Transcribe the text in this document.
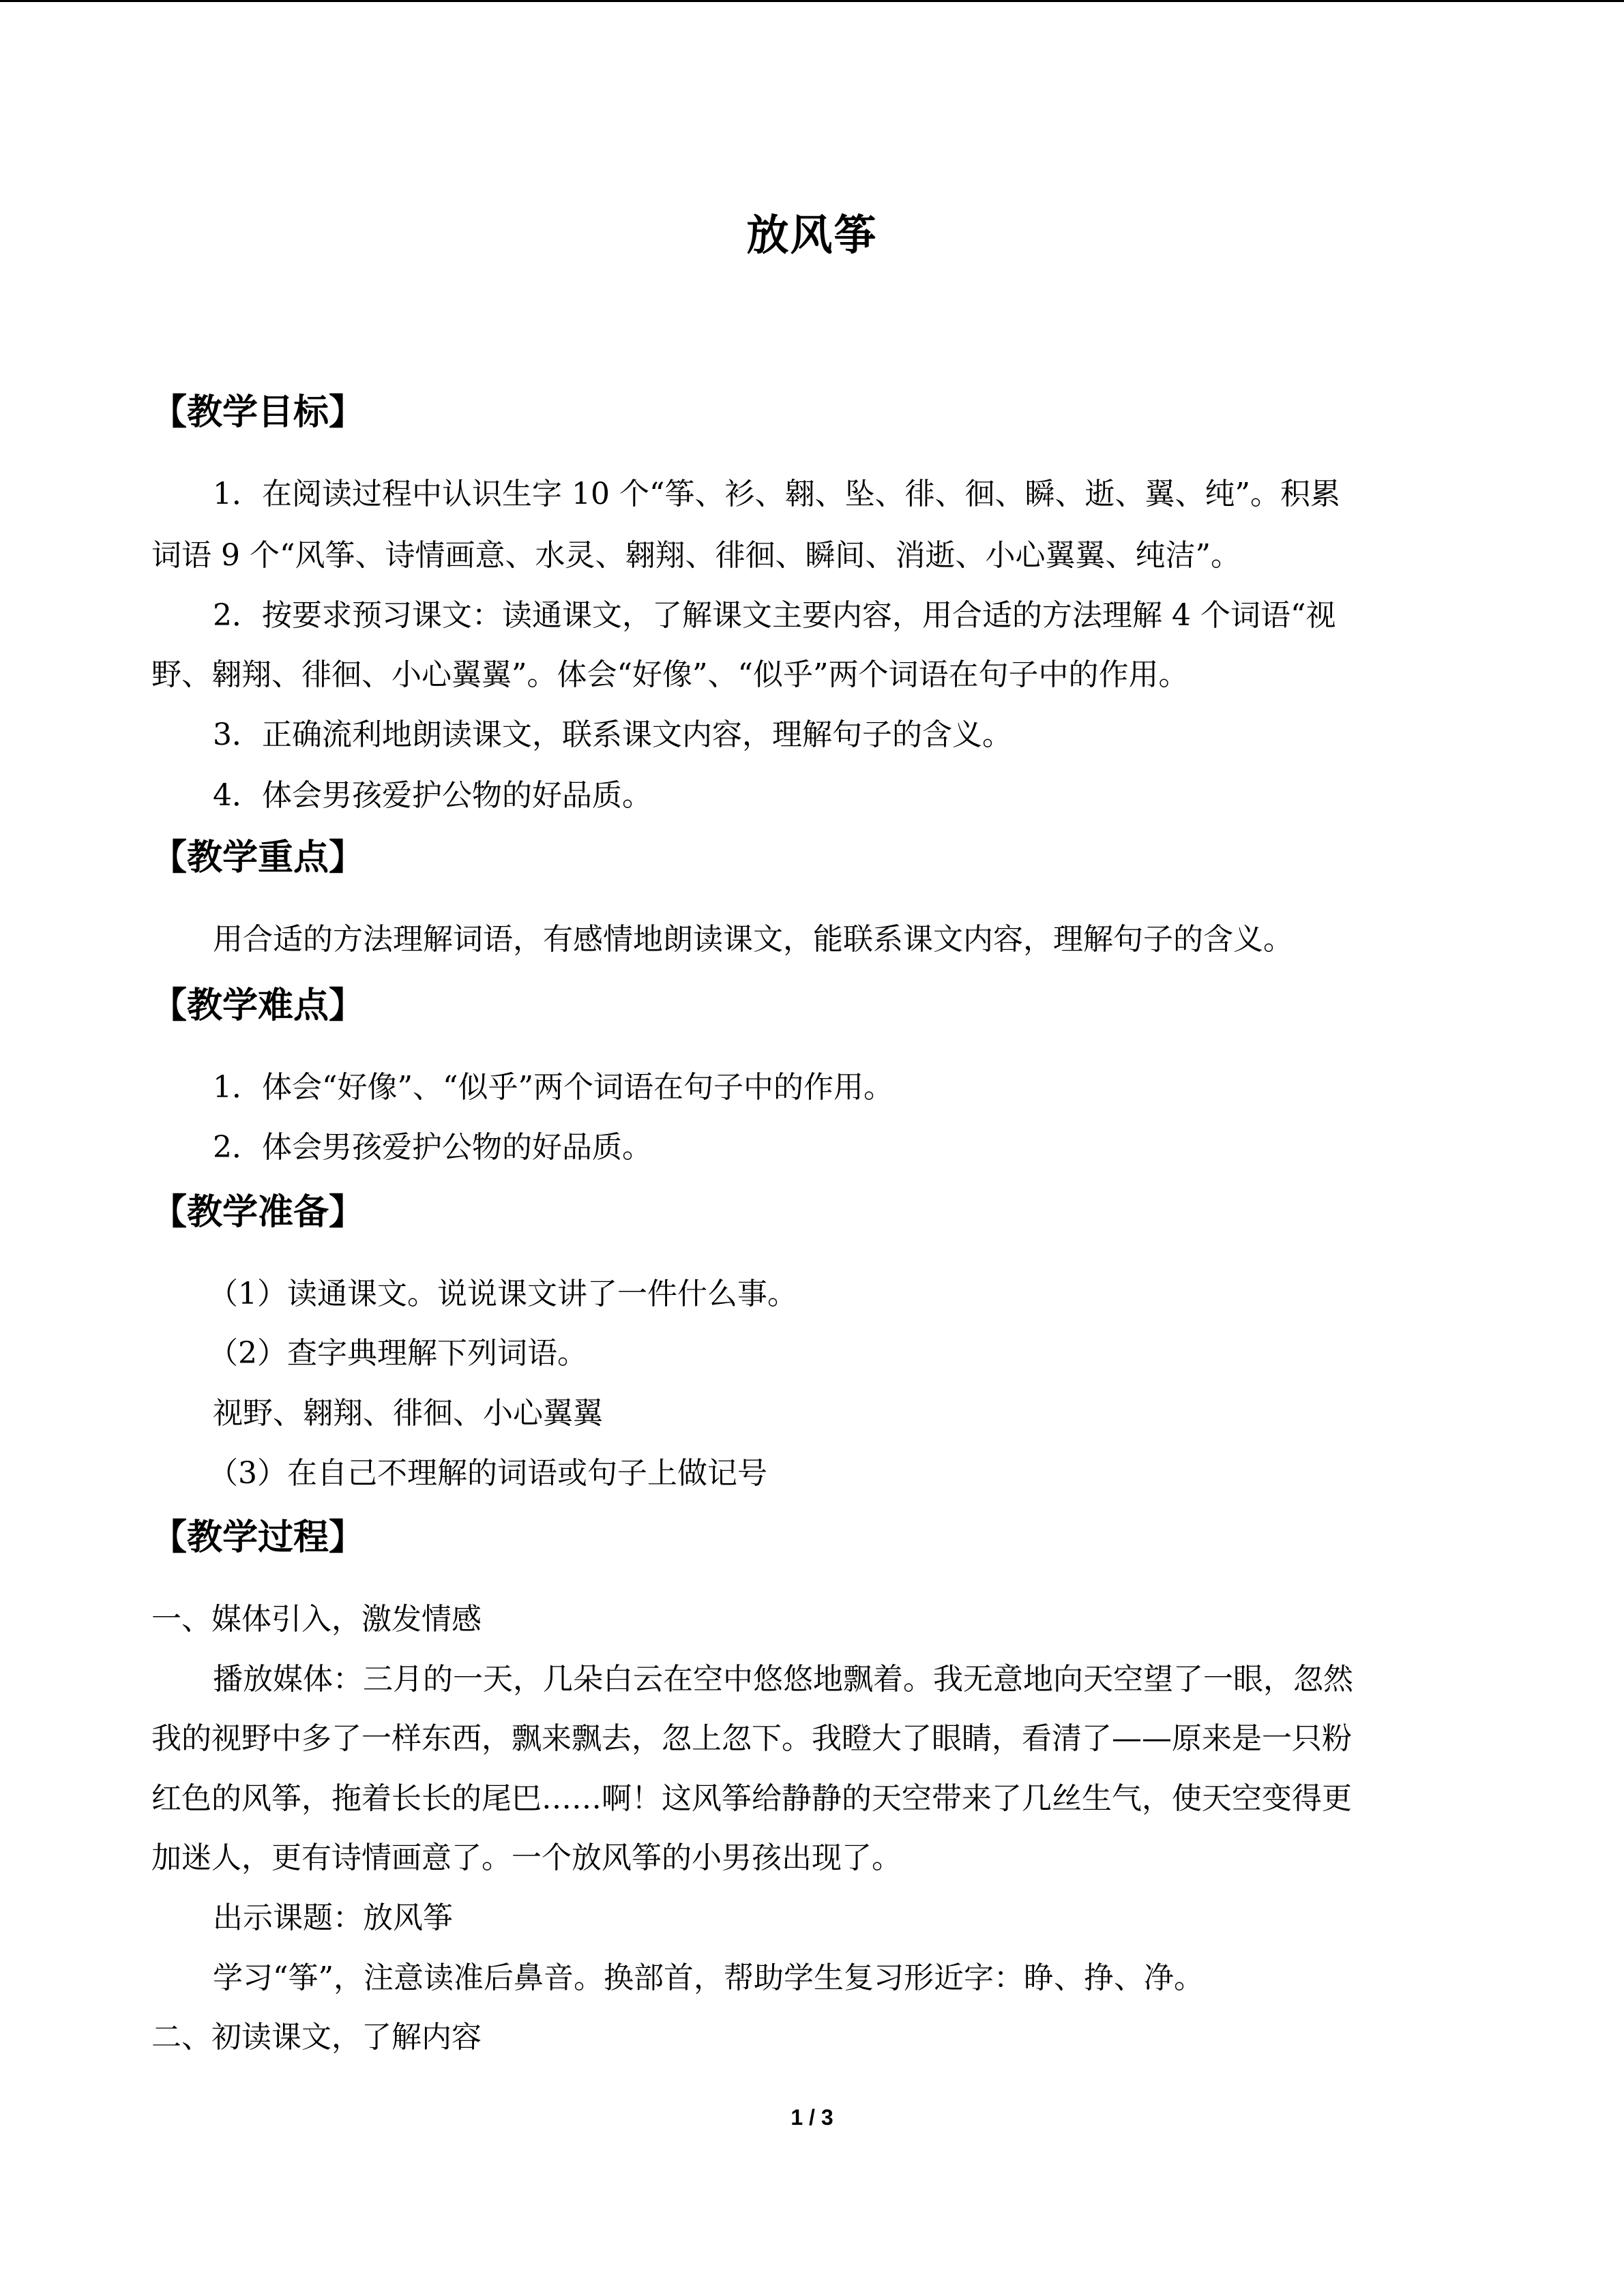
放风筝
【教学目标】
1．在阅读过程中认识生字 10 个“筝、衫、翱、坠、徘、徊、瞬、逝、翼、纯”。积累
词语 9 个“风筝、诗情画意、水灵、翱翔、徘徊、瞬间、消逝、小心翼翼、纯洁”。
2．按要求预习课文：读通课文，了解课文主要内容，用合适的方法理解 4 个词语“视
野、翱翔、徘徊、小心翼翼”。体会“好像”、“似乎”两个词语在句子中的作用。
3．正确流利地朗读课文，联系课文内容，理解句子的含义。
4．体会男孩爱护公物的好品质。
【教学重点】
用合适的方法理解词语，有感情地朗读课文，能联系课文内容，理解句子的含义。
【教学难点】
1．体会“好像”、“似乎”两个词语在句子中的作用。
2．体会男孩爱护公物的好品质。
【教学准备】
（1）读通课文。说说课文讲了一件什么事。
（2）查字典理解下列词语。
视野、翱翔、徘徊、小心翼翼
（3）在自己不理解的词语或句子上做记号
【教学过程】
一、媒体引入，激发情感
播放媒体：三月的一天，几朵白云在空中悠悠地飘着。我无意地向天空望了一眼，忽然
我的视野中多了一样东西，飘来飘去，忽上忽下。我瞪大了眼睛，看清了——原来是一只粉
红色的风筝，拖着长长的尾巴……啊！这风筝给静静的天空带来了几丝生气，使天空变得更
加迷人，更有诗情画意了。一个放风筝的小男孩出现了。
出示课题：放风筝
学习“筝”，注意读准后鼻音。换部首，帮助学生复习形近字：睁、挣、净。
二、初读课文，了解内容
1 / 3
